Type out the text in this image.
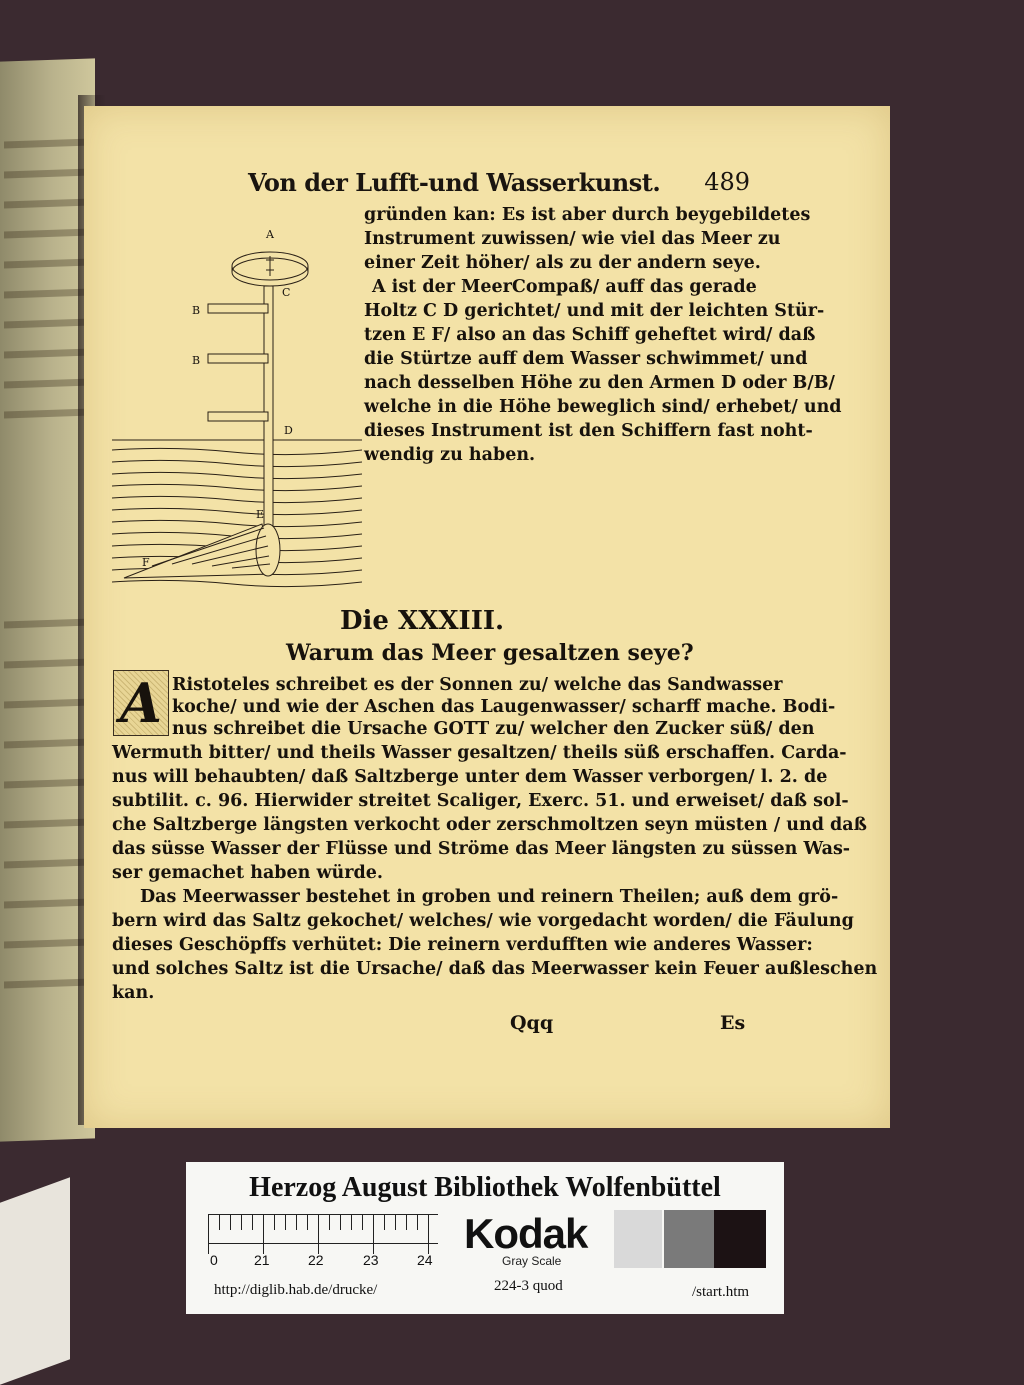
Von der Lufft-und Wasserkunst. 489
A
B
B
C
D
E
F
gründen kan: Es ist aber durch beygebildetes
Instrument zuwissen/ wie viel das Meer zu
einer Zeit höher/ als zu der andern seye.
A ist der MeerCompaß/ auff das gerade
Holtz C D gerichtet/ und mit der leichten Stür-
tzen E F/ also an das Schiff geheftet wird/ daß
die Stürtze auff dem Wasser schwimmet/ und
nach desselben Höhe zu den Armen D oder B/B/
welche in die Höhe beweglich sind/ erhebet/ und
dieses Instrument ist den Schiffern fast noht-
wendig zu haben.
Die XXXIII.
Warum das Meer gesaltzen seye?
A Ristoteles schreibet es der Sonnen zu/ welche das Sandwasser
koche/ und wie der Aschen das Laugenwasser/ scharff mache. Bodi-
nus schreibet die Ursache GOTT zu/ welcher den Zucker süß/ den
Wermuth bitter/ und theils Wasser gesaltzen/ theils süß erschaffen. Carda-
nus will behaubten/ daß Saltzberge unter dem Wasser verborgen/ l. 2. de
subtilit. c. 96. Hierwider streitet Scaliger, Exerc. 51. und erweiset/ daß sol-
che Saltzberge längsten verkocht oder zerschmoltzen seyn müsten / und daß
das süsse Wasser der Flüsse und Ströme das Meer längsten zu süssen Was-
ser gemachet haben würde.
Das Meerwasser bestehet in groben und reinern Theilen; auß dem grö-
bern wird das Saltz gekochet/ welches/ wie vorgedacht worden/ die Fäulung
dieses Geschöpffs verhütet: Die reinern verdufften wie anderes Wasser:
und solches Saltz ist die Ursache/ daß das Meerwasser kein Feuer außleschen
kan.
Qqq	Es
Herzog August Bibliothek Wolfenbüttel
0	21	22	23	24
Kodak
Gray Scale
http://diglib.hab.de/drucke/	224-3 quod	/start.htm
